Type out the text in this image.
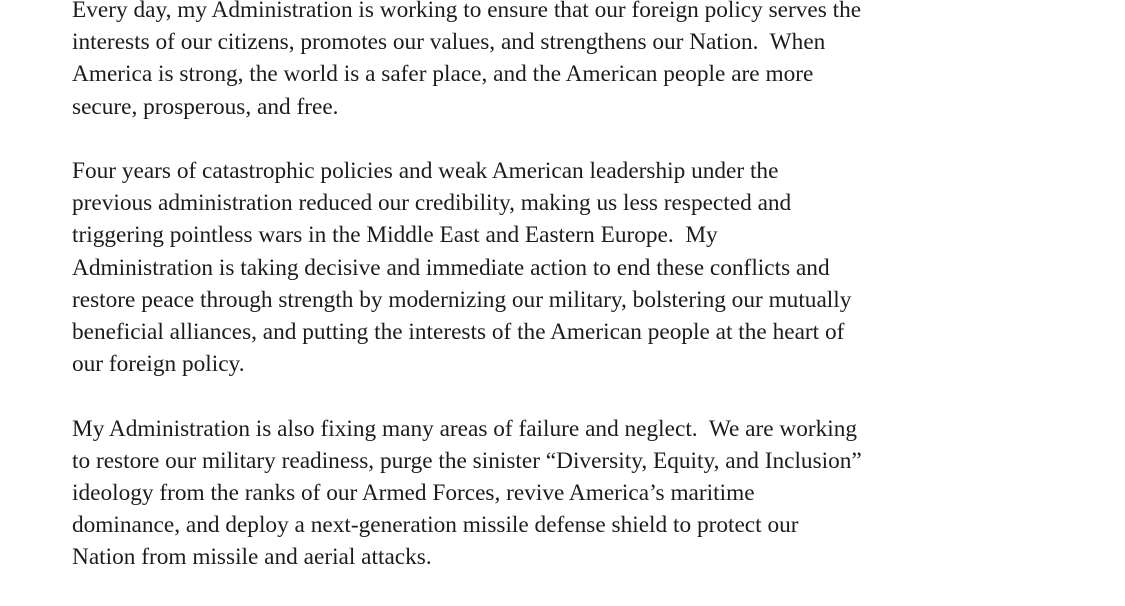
Every day, my Administration is working to ensure that our foreign policy serves the
interests of our citizens, promotes our values, and strengthens our Nation.  When
America is strong, the world is a safer place, and the American people are more
secure, prosperous, and free.

Four years of catastrophic policies and weak American leadership under the
previous administration reduced our credibility, making us less respected and
triggering pointless wars in the Middle East and Eastern Europe.  My
Administration is taking decisive and immediate action to end these conflicts and
restore peace through strength by modernizing our military, bolstering our mutually
beneficial alliances, and putting the interests of the American people at the heart of
our foreign policy.

My Administration is also fixing many areas of failure and neglect.  We are working
to restore our military readiness, purge the sinister “Diversity, Equity, and Inclusion”
ideology from the ranks of our Armed Forces, revive America’s maritime
dominance, and deploy a next-generation missile defense shield to protect our
Nation from missile and aerial attacks.
